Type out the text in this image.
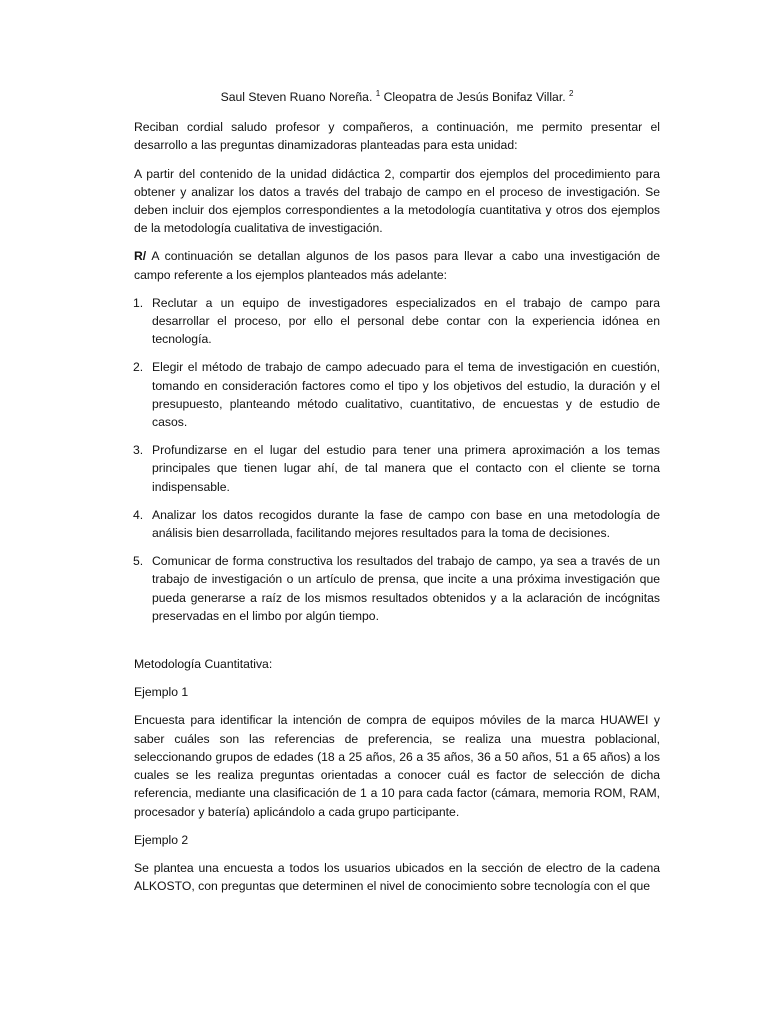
Saul Steven Ruano Noreña. $^1$ Cleopatra de Jesús Bonifaz Villar. $^2$

Reciban cordial saludo profesor y compañeros, a continuación, me permito presentar el desarrollo a las preguntas dinamizadoras planteadas para esta unidad:

A partir del contenido de la unidad didáctica 2, compartir dos ejemplos del procedimiento para obtener y analizar los datos a través del trabajo de campo en el proceso de investigación. Se deben incluir dos ejemplos correspondientes a la metodología cuantitativa y otros dos ejemplos de la metodología cualitativa de investigación.

R/ A continuación se detallan algunos de los pasos para llevar a cabo una investigación de campo referente a los ejemplos planteados más adelante:

1. Reclutar a un equipo de investigadores especializados en el trabajo de campo para desarrollar el proceso, por ello el personal debe contar con la experiencia idónea en tecnología.
2. Elegir el método de trabajo de campo adecuado para el tema de investigación en cuestión, tomando en consideración factores como el tipo y los objetivos del estudio, la duración y el presupuesto, planteando método cualitativo, cuantitativo, de encuestas y de estudio de casos.
3. Profundizarse en el lugar del estudio para tener una primera aproximación a los temas principales que tienen lugar ahí, de tal manera que el contacto con el cliente se torna indispensable.
4. Analizar los datos recogidos durante la fase de campo con base en una metodología de análisis bien desarrollada, facilitando mejores resultados para la toma de decisiones.
5. Comunicar de forma constructiva los resultados del trabajo de campo, ya sea a través de un trabajo de investigación o un artículo de prensa, que incite a una próxima investigación que pueda generarse a raíz de los mismos resultados obtenidos y a la aclaración de incógnitas preservadas en el limbo por algún tiempo.

Metodología Cuantitativa:

Ejemplo 1

Encuesta para identificar la intención de compra de equipos móviles de la marca HUAWEI y saber cuáles son las referencias de preferencia, se realiza una muestra poblacional, seleccionando grupos de edades (18 a 25 años, 26 a 35 años, 36 a 50 años, 51 a 65 años) a los cuales se les realiza preguntas orientadas a conocer cuál es factor de selección de dicha referencia, mediante una clasificación de 1 a 10 para cada factor (cámara, memoria ROM, RAM, procesador y batería) aplicándolo a cada grupo participante.

Ejemplo 2

Se plantea una encuesta a todos los usuarios ubicados en la sección de electro de la cadena ALKOSTO, con preguntas que determinen el nivel de conocimiento sobre tecnología con el que
